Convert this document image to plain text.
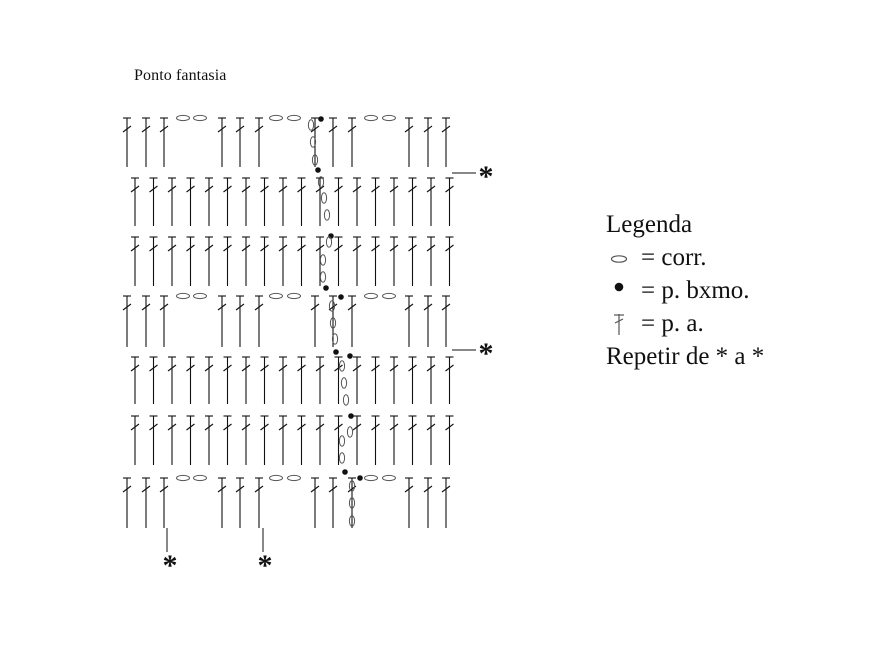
Ponto fantasia
*
*
*	*
Legenda
= corr.
= p. bxmo.
= p. a.
Repetir de * a *
